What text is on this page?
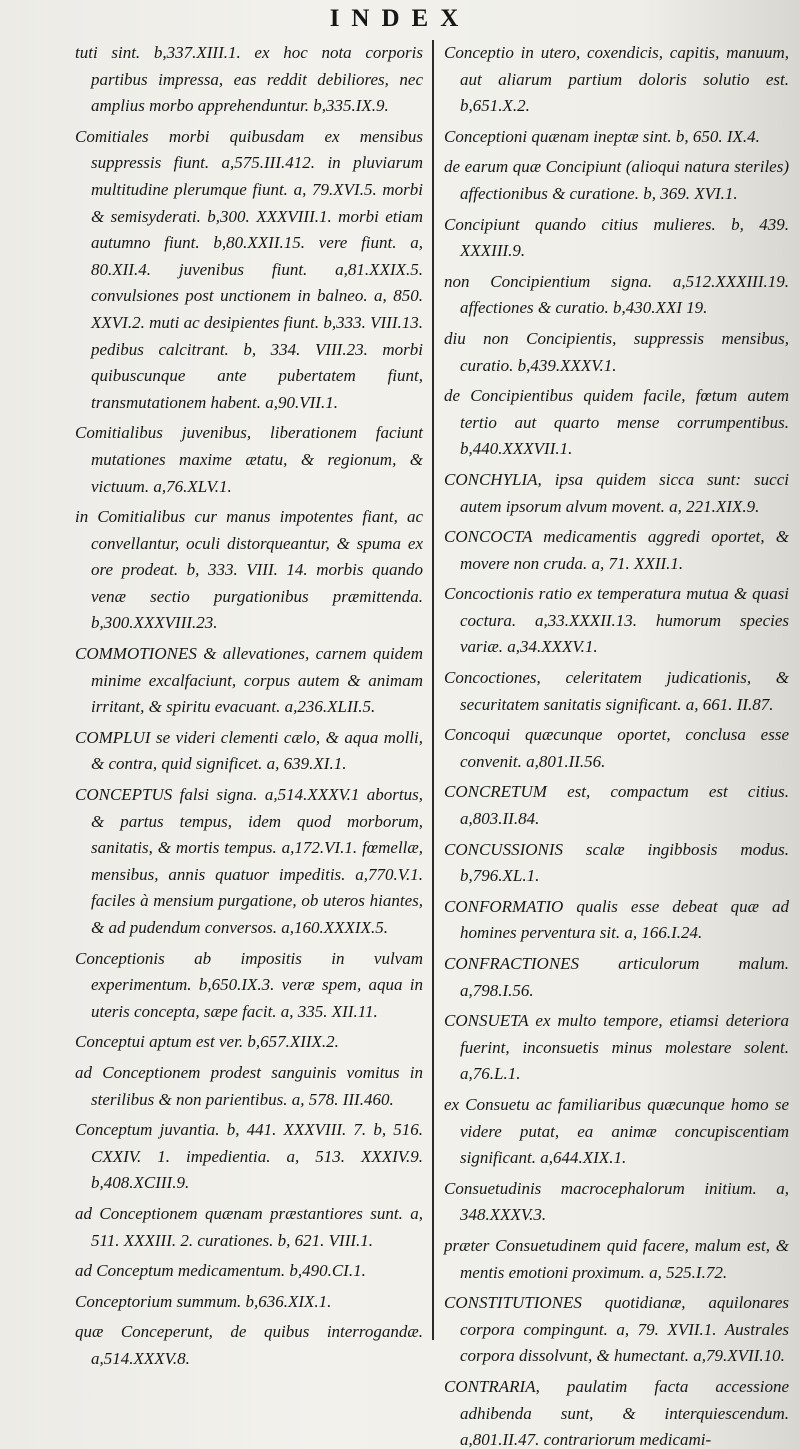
INDEX

tuti sint. b,337.XIII.1. ex hoc nota corporis partibus impressa, eas reddit debiliores, nec amplius morbo apprehenduntur. b,335.IX.9.

Comitiales morbi quibusdam ex mensibus suppressis fiunt. a,575.III.412. in pluviarum multitudine plerumque fiunt. a, 79.XVI.5. morbi & semisyderati. b,300. XXXVIII.1. morbi etiam autumno fiunt. b,80.XXII.15. vere fiunt. a, 80.XII.4. juvenibus fiunt. a,81.XXIX.5. convulsiones post unctionem in balneo. a, 850. XXVI.2. muti ac desipientes fiunt. b,333. VIII.13. pedibus calcitrant. b, 334. VIII.23. morbi quibuscunque ante pubertatem fiunt, transmutationem habent. a,90.VII.1.

Comitialibus juvenibus, liberationem faciunt mutationes maxime ætatu, & regionum, & victuum. a,76.XLV.1.

in Comitialibus cur manus impotentes fiant, ac convellantur, oculi distorqueantur, & spuma ex ore prodeat. b, 333. VIII. 14. morbis quando venæ sectio purgationibus præmittenda. b,300.XXXVIII.23.

COMMOTIONES & allevationes, carnem quidem minime excalfaciunt, corpus autem & animam irritant, & spiritu evacuant. a,236.XLII.5.

COMPLUI se videri clementi cælo, & aqua molli, & contra, quid significet. a, 639.XI.1.

CONCEPTUS falsi signa. a,514.XXXV.1 abortus, & partus tempus, idem quod morborum, sanitatis, & mortis tempus. a,172.VI.1. fœmellæ, mensibus, annis quatuor impeditis. a,770.V.1. faciles à mensium purgatione, ob uteros hiantes, & ad pudendum conversos. a,160.XXXIX.5.

Conceptionis ab impositis in vulvam experimentum. b,650.IX.3. veræ spem, aqua in uteris concepta, sæpe facit. a, 335. XII.11.

Conceptui aptum est ver. b,657.XIIX.2.

ad Conceptionem prodest sanguinis vomitus in sterilibus & non parientibus. a, 578. III.460.

Conceptum juvantia. b, 441. XXXVIII. 7. b, 516. CXXIV. 1. impedientia. a, 513. XXXIV.9. b,408.XCIII.9.

ad Conceptionem quænam præstantiores sunt. a, 511. XXXIII. 2. curationes. b, 621. VIII.1.

ad Conceptum medicamentum. b,490.CI.1.

Conceptorium summum. b,636.XIX.1.

quæ Conceperunt, de quibus interrogandæ. a,514.XXXV.8.

Conceptio in utero, coxendicis, capitis, manuum, aut aliarum partium doloris solutio est. b,651.X.2.

Conceptioni quænam ineptæ sint. b, 650. IX.4.

de earum quæ Concipiunt (alioqui natura steriles) affectionibus & curatione. b, 369. XVI.1.

Concipiunt quando citius mulieres. b, 439. XXXIII.9.

non Concipientium signa. a,512.XXXIII.19. affectiones & curatio. b,430.XXI 19.

diu non Concipientis, suppressis mensibus, curatio. b,439.XXXV.1.

de Concipientibus quidem facile, fœtum autem tertio aut quarto mense corrumpentibus. b,440.XXXVII.1.

CONCHYLIA, ipsa quidem sicca sunt: succi autem ipsorum alvum movent. a, 221.XIX.9.

CONCOCTA medicamentis aggredi oportet, & movere non cruda. a, 71. XXII.1.

Concoctionis ratio ex temperatura mutua & quasi coctura. a,33.XXXII.13. humorum species variæ. a,34.XXXV.1.

Concoctiones, celeritatem judicationis, & securitatem sanitatis significant. a, 661. II.87.

Concoqui quæcunque oportet, conclusa esse convenit. a,801.II.56.

CONCRETUM est, compactum est citius. a,803.II.84.

CONCUSSIONIS scalæ ingibbosis modus. b,796.XL.1.

CONFORMATIO qualis esse debeat quæ ad homines perventura sit. a, 166.I.24.

CONFRACTIONES articulorum malum. a,798.I.56.

CONSUETA ex multo tempore, etiamsi deteriora fuerint, inconsuetis minus molestare solent. a,76.L.1.

ex Consuetu ac familiaribus quæcunque homo se videre putat, ea animæ concupiscentiam significant. a,644.XIX.1.

Consuetudinis macrocephalorum initium. a, 348.XXXV.3.

præter Consuetudinem quid facere, malum est, & mentis emotioni proximum. a, 525.I.72.

CONSTITUTIONES quotidianæ, aquilonares corpora compingunt. a, 79. XVII.1. Australes corpora dissolvunt, & humectant. a,79.XVII.10.

CONTRARIA, paulatim facta accessione adhibenda sunt, & interquiescendum. a,801.II.47. contrariorum medicami-
